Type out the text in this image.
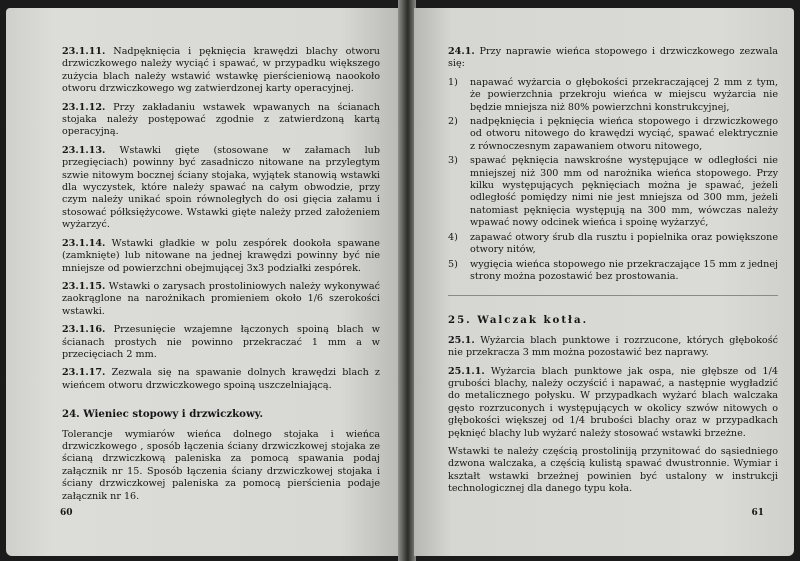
23.1.11. Nadpęknięcia i pęknięcia krawędzi blachy otworu drzwiczkowego należy wyciąć i spawać, w przypadku większego zużycia blach należy wstawić wstawkę pierścieniową naookoło otworu drzwiczkowego wg zatwierdzonej karty operacyjnej.

23.1.12. Przy zakładaniu wstawek wpawanych na ścianach stojaka należy postępować zgodnie z zatwierdzoną kartą operacyjną.

23.1.13. Wstawki gięte (stosowane w załamach lub przegięciach) powinny być zasadniczo nitowane na przylegtym szwie nitowym bocznej ściany stojaka, wyjątek stanowią wstawki dla wyczystek, które należy spawać na całym obwodzie, przy czym należy unikać spoin równoległych do osi gięcia załamu i stosować półksiężycowe. Wstawki gięte należy przed założeniem wyżarzyć.

23.1.14. Wstawki gładkie w polu zespórek dookoła spawane (zamknięte) lub nitowane na jednej krawędzi powinny być nie mniejsze od powierzchni obejmującej 3x3 podziałki zespórek.

23.1.15. Wstawki o zarysach prostoliniowych należy wykonywać zaokrąglone na narożnikach promieniem około 1/6 szerokości wstawki.

23.1.16. Przesunięcie wzajemne łączonych spoiną blach w ścianach prostych nie powinno przekraczać 1 mm a w przecięciach 2 mm.

23.1.17. Zezwala się na spawanie dolnych krawędzi blach z wieńcem otworu drzwiczkowego spoiną uszczelniającą.

24. Wieniec stopowy i drzwiczkowy.

Tolerancje wymiarów wieńca dolnego stojaka i wieńca drzwiczkowego , sposób łączenia ściany drzwiczkowej stojaka ze ścianą drzwiczkową paleniska za pomocą spawania podaj załącznik nr 15. Sposób łączenia ściany drzwiczkowej stojaka i ściany drzwiczkowej paleniska za pomocą pierścienia podaje załącznik nr 16.

60

24.1. Przy naprawie wieńca stopowego i drzwiczkowego zezwala się:

1) napawać wyżarcia o głębokości przekraczającej 2 mm z tym, że powierzchnia przekroju wieńca w miejscu wyżarcia nie będzie mniejsza niż 80% powierzchni konstrukcyjnej,
2) nadpęknięcia i pęknięcia wieńca stopowego i drzwiczkowego od otworu nitowego do krawędzi wyciąć, spawać elektrycznie z równoczesnym zapawaniem otworu nitowego,
3) spawać pęknięcia nawskrośne występujące w odległości nie mniejszej niż 300 mm od narożnika wieńca stopowego. Przy kilku występujących pęknięciach można je spawać, jeżeli odległość pomiędzy nimi nie jest mniejsza od 300 mm, jeżeli natomiast pęknięcia występują na 300 mm, wówczas należy wpawać nowy odcinek wieńca i spoinę wyżarzyć,
4) zapawać otwory śrub dla rusztu i popielnika oraz powiększone otwory nitów,
5) wygięcia wieńca stopowego nie przekraczające 15 mm z jednej strony można pozostawić bez prostowania.
25. Walczak kotła.

25.1. Wyżarcia blach punktowe i rozrzucone, których głębokość nie przekracza 3 mm można pozostawić bez naprawy.

25.1.1. Wyżarcia blach punktowe jak ospa, nie głębsze od 1/4 grubości blachy, należy oczyścić i napawać, a następnie wygładzić do metalicznego połysku. W przypadkach wyżarć blach walczaka gęsto rozrzuconych i występujących w okolicy szwów nitowych o głębokości większej od 1/4 brubości blachy oraz w przypadkach pęknięć blachy lub wyżarć należy stosować wstawki brzeżne.

Wstawki te należy częścią prostoliniją przynitować do sąsiedniego dzwona walczaka, a częścią kulistą spawać dwustronnie. Wymiar i kształt wstawki brzeżnej powinien być ustalony w instrukcji technologicznej dla danego typu koła.

61
